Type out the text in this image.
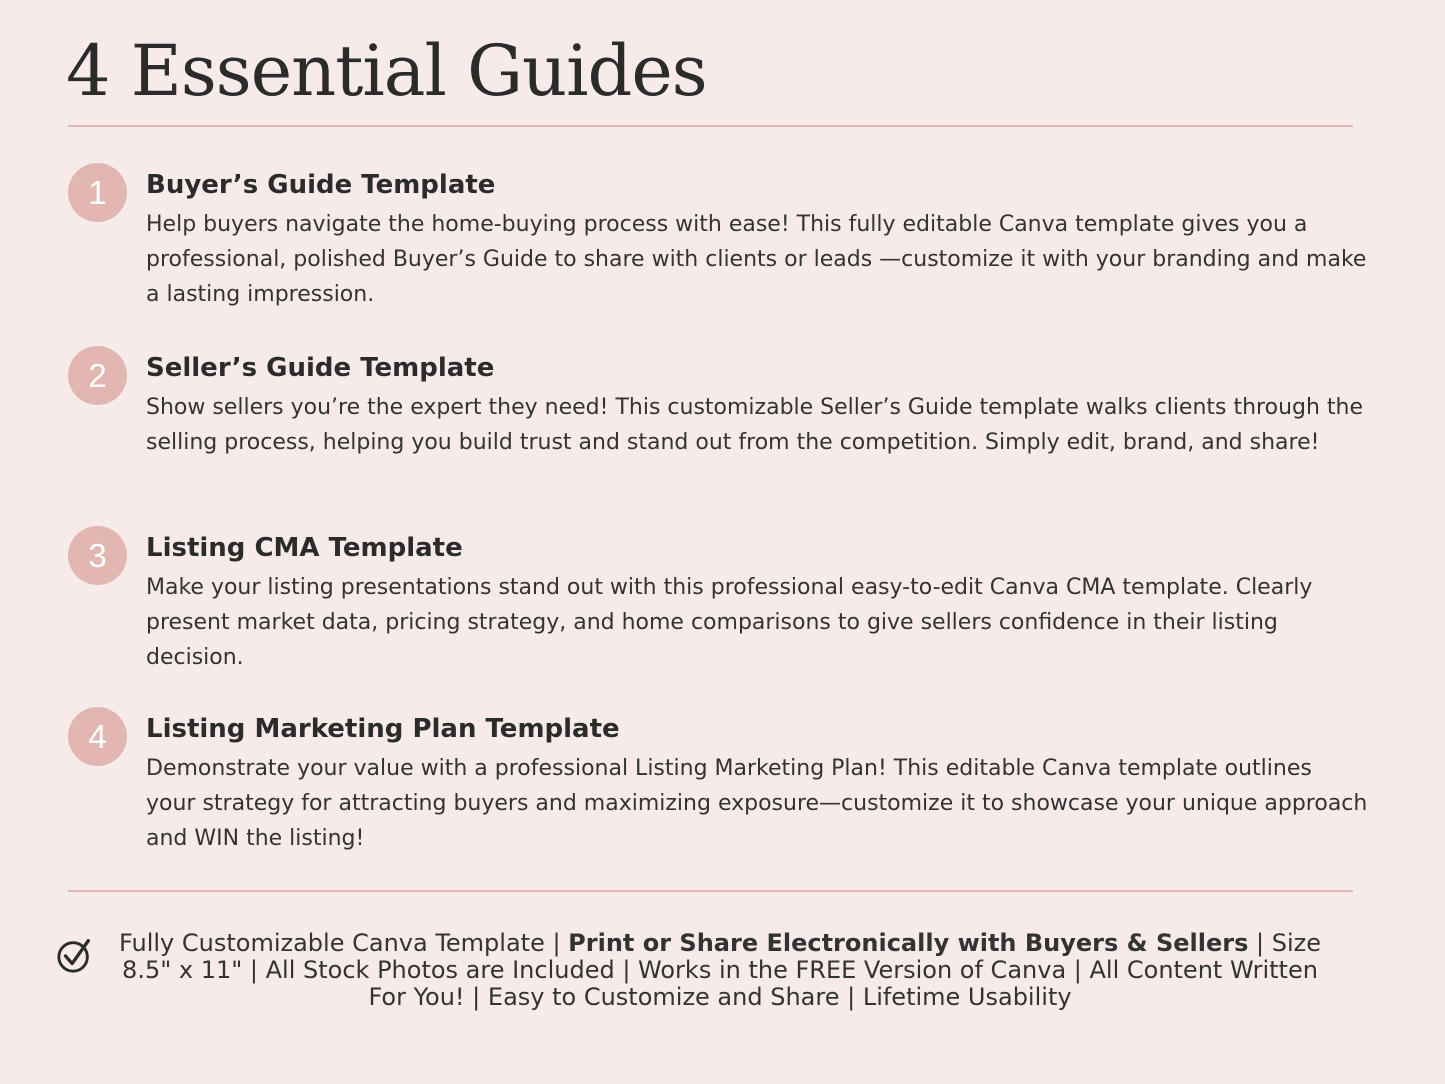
4 Essential Guides
1	Buyer’s Guide Template

Help buyers navigate the home-buying process with ease! This fully editable Canva template gives you a professional, polished Buyer’s Guide to share with clients or leads —customize it with your branding and make a lasting impression.

2	Seller’s Guide Template

Show sellers you’re the expert they need! This customizable Seller’s Guide template walks clients through the selling process, helping you build trust and stand out from the competition. Simply edit, brand, and share!

3	Listing CMA Template

Make your listing presentations stand out with this professional easy-to-edit Canva CMA template. Clearly present market data, pricing strategy, and home comparisons to give sellers confidence in their listing decision.

4	Listing Marketing Plan Template

Demonstrate your value with a professional Listing Marketing Plan! This editable Canva template outlines your strategy for attracting buyers and maximizing exposure—customize it to showcase your unique approach and WIN the listing!

Fully Customizable Canva Template | Print or Share Electronically with Buyers & Sellers | Size 8.5" x 11" | All Stock Photos are Included | Works in the FREE Version of Canva | All Content Written For You! | Easy to Customize and Share | Lifetime Usability
